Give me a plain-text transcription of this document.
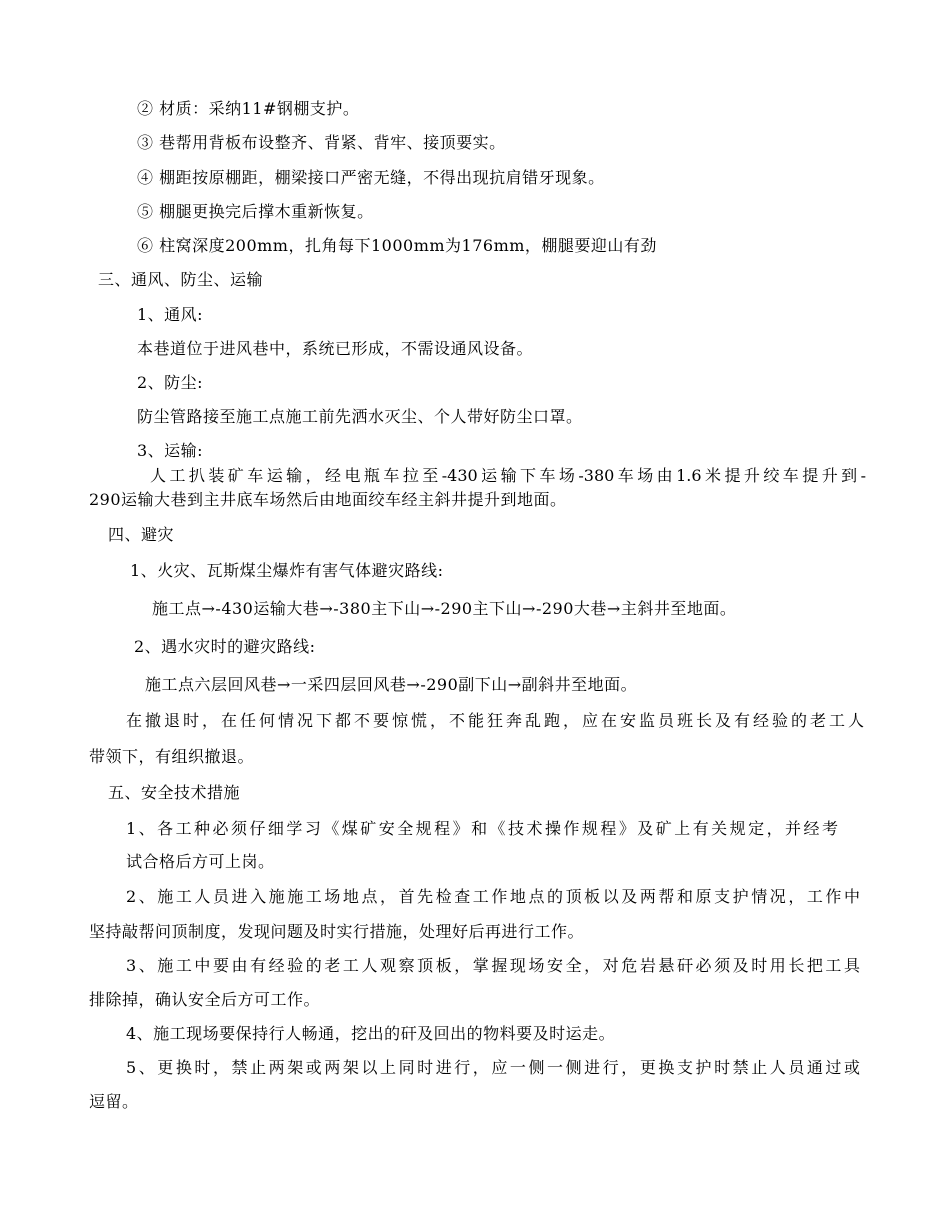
② 材质：采纳11#钢棚支护。
③ 巷帮用背板布设整齐、背紧、背牢、接顶要实。
④ 棚距按原棚距，棚梁接口严密无缝，不得出现抗肩错牙现象。
⑤ 棚腿更换完后撑木重新恢复。
⑥ 柱窝深度200mm，扎角每下1000mm为176mm，棚腿要迎山有劲
三、通风、防尘、运输
1、通风:
本巷道位于进风巷中，系统已形成，不需设通风设备。
2、防尘:
防尘管路接至施工点施工前先洒水灭尘、个人带好防尘口罩。
3、运输:
人工扒装矿车运输，经电瓶车拉至-430运输下车场-380车场由1.6米提升绞车提升到-
290运输大巷到主井底车场然后由地面绞车经主斜井提升到地面。
四、避灾
1、火灾、瓦斯煤尘爆炸有害气体避灾路线:
施工点→-430运输大巷→-380主下山→-290主下山→-290大巷→主斜井至地面。
2、遇水灾时的避灾路线:
施工点六层回风巷→一采四层回风巷→-290副下山→副斜井至地面。
在撤退时，在任何情况下都不要惊慌，不能狂奔乱跑，应在安监员班长及有经验的老工人
带领下，有组织撤退。
五、安全技术措施
1、各工种必须仔细学习《煤矿安全规程》和《技术操作规程》及矿上有关规定，并经考
试合格后方可上岗。
2、施工人员进入施施工场地点，首先检查工作地点的顶板以及两帮和原支护情况，工作中
坚持敲帮问顶制度，发现问题及时实行措施，处理好后再进行工作。
3、施工中要由有经验的老工人观察顶板，掌握现场安全，对危岩悬矸必须及时用长把工具
排除掉，确认安全后方可工作。
4、施工现场要保持行人畅通，挖出的矸及回出的物料要及时运走。
5、更换时，禁止两架或两架以上同时进行，应一侧一侧进行，更换支护时禁止人员通过或
逗留。
